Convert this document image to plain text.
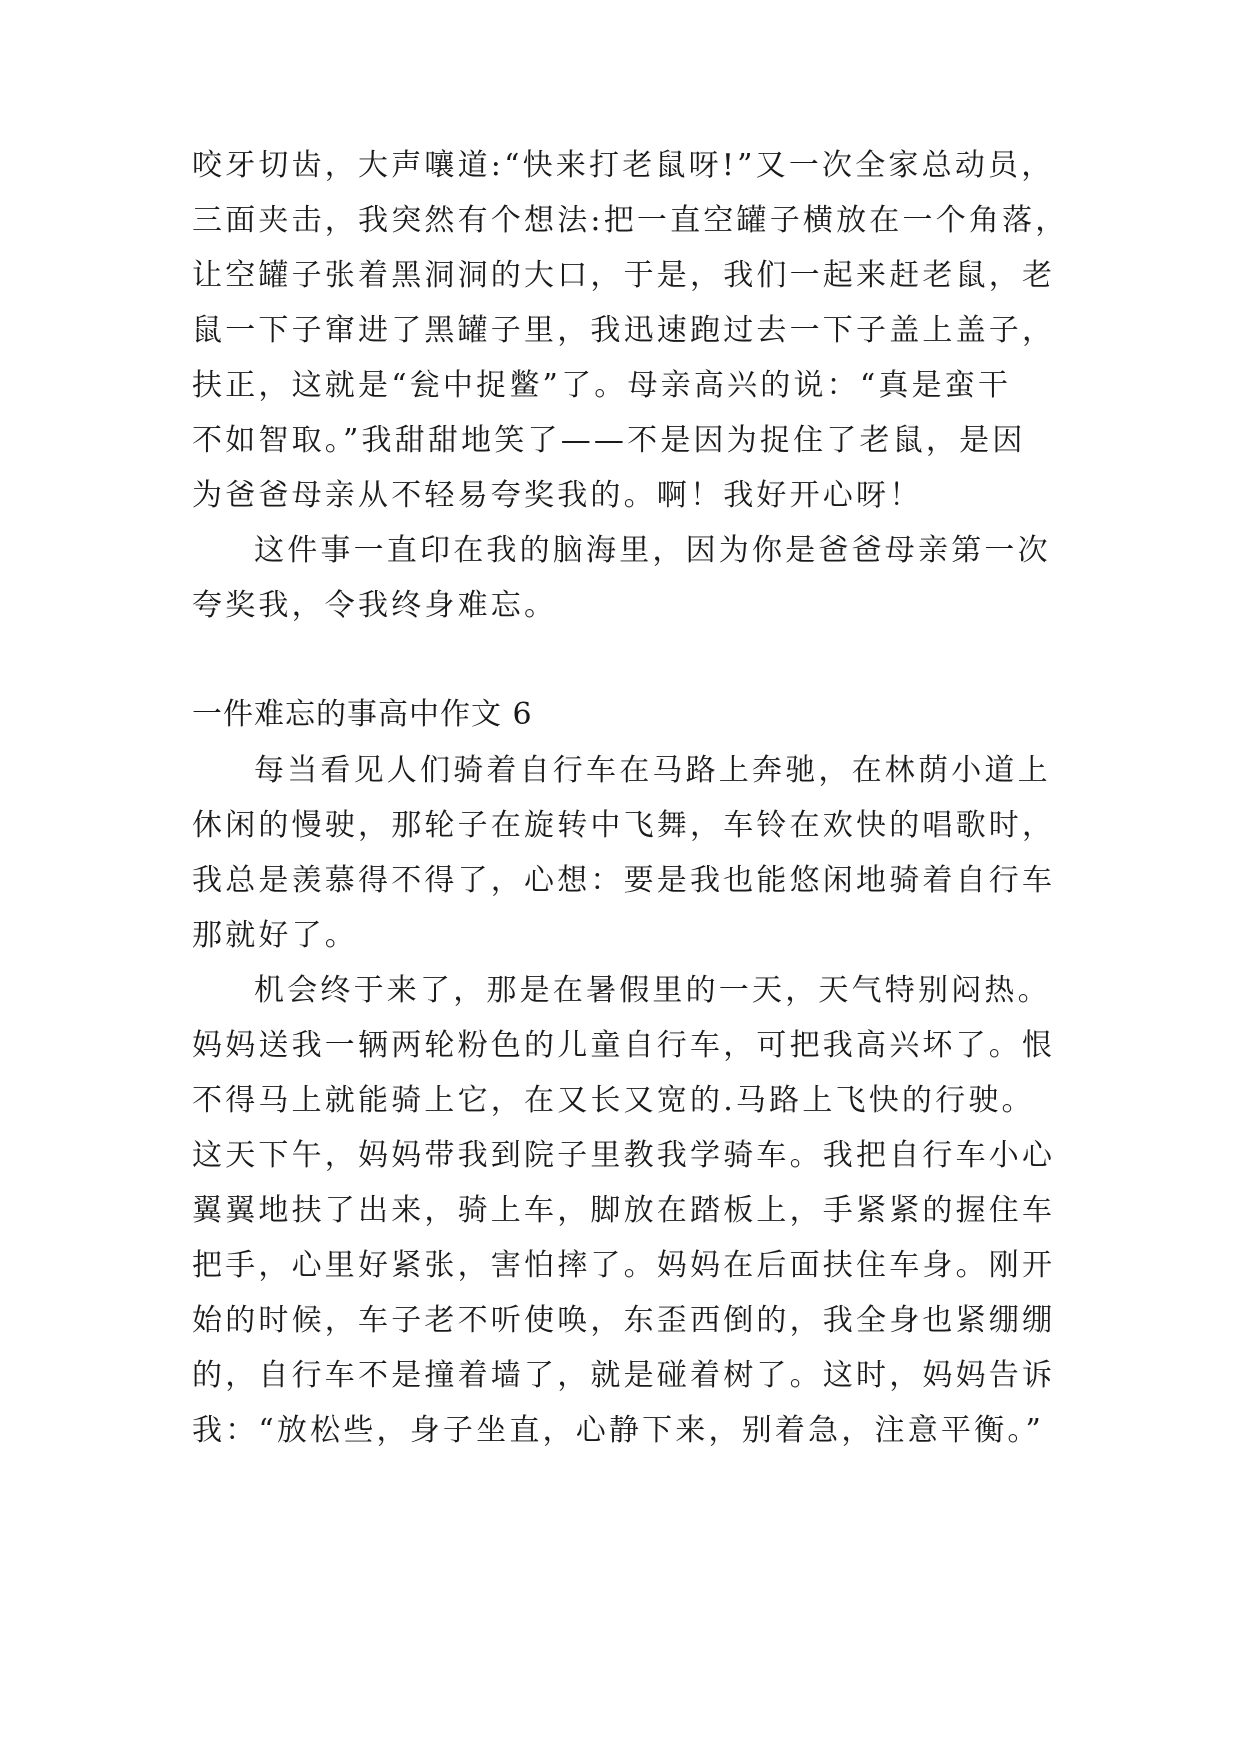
咬牙切齿，大声嚷道:“快来打老鼠呀!”又一次全家总动员，
三面夹击，我突然有个想法:把一直空罐子横放在一个角落，
让空罐子张着黑洞洞的大口，于是，我们一起来赶老鼠，老
鼠一下子窜进了黑罐子里，我迅速跑过去一下子盖上盖子，
扶正，这就是“瓮中捉鳖”了。母亲高兴的说：“真是蛮干
不如智取。”我甜甜地笑了——不是因为捉住了老鼠，是因
为爸爸母亲从不轻易夸奖我的。啊！我好开心呀！
这件事一直印在我的脑海里，因为你是爸爸母亲第一次
夸奖我，令我终身难忘。
一件难忘的事高中作文 6
每当看见人们骑着自行车在马路上奔驰，在林荫小道上
休闲的慢驶，那轮子在旋转中飞舞，车铃在欢快的唱歌时，
我总是羡慕得不得了，心想：要是我也能悠闲地骑着自行车
那就好了。
机会终于来了，那是在暑假里的一天，天气特别闷热。
妈妈送我一辆两轮粉色的儿童自行车，可把我高兴坏了。恨
不得马上就能骑上它，在又长又宽的.马路上飞快的行驶。
这天下午，妈妈带我到院子里教我学骑车。我把自行车小心
翼翼地扶了出来，骑上车，脚放在踏板上，手紧紧的握住车
把手，心里好紧张，害怕摔了。妈妈在后面扶住车身。刚开
始的时候，车子老不听使唤，东歪西倒的，我全身也紧绷绷
的，自行车不是撞着墙了，就是碰着树了。这时，妈妈告诉
我：“放松些，身子坐直，心静下来，别着急，注意平衡。”
